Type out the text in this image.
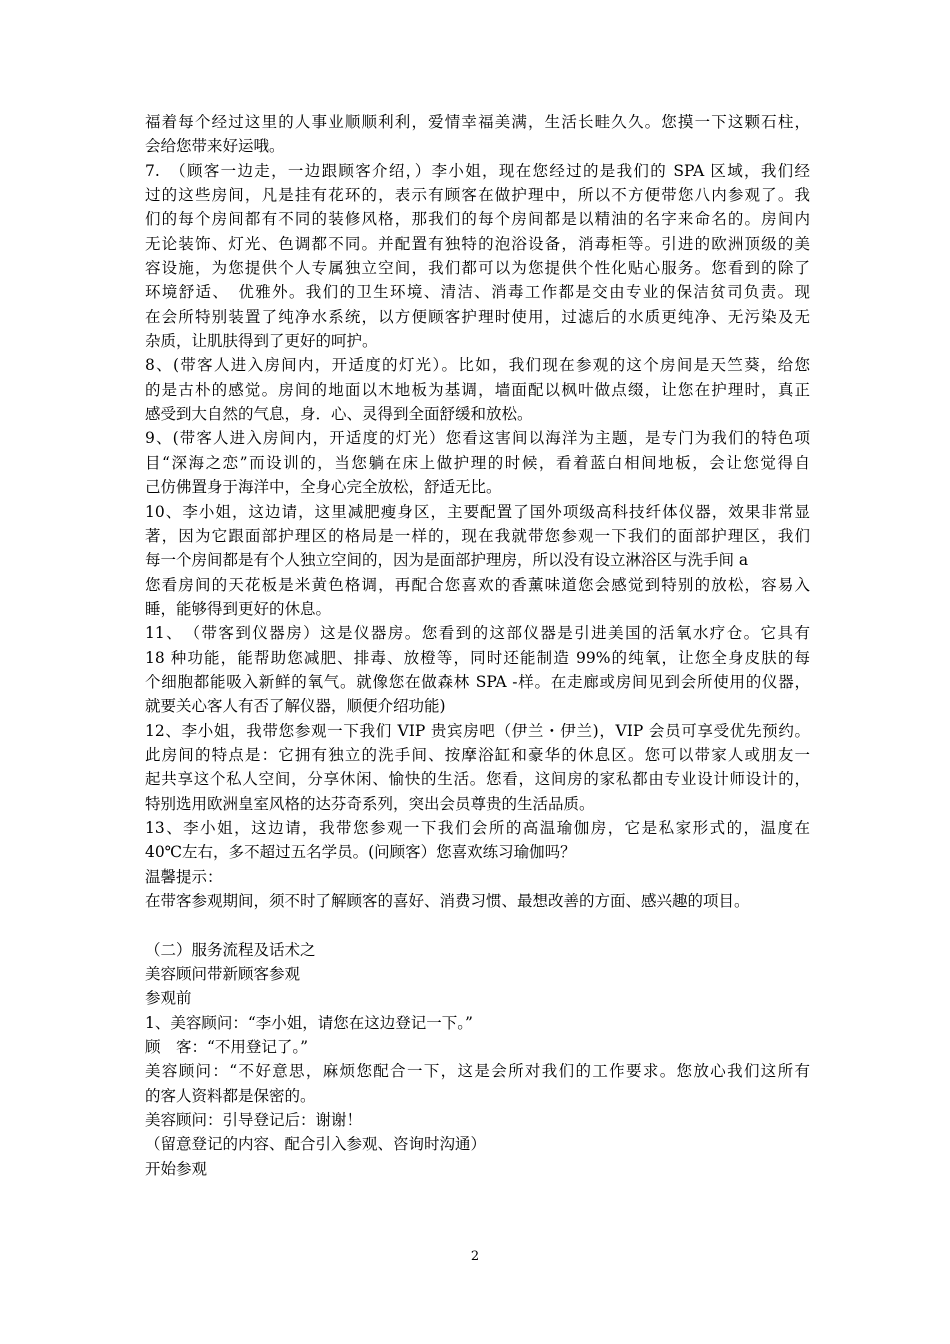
福着每个经过这里的人事业顺顺利利，爱情幸福美满，生活长畦久久。您摸一下这颗石柱，
会给您带来好运哦。
7.　（顾客一边走，一边跟顾客介绍，）李小姐，现在您经过的是我们的 SPA 区域，我们经
过的这些房间，凡是挂有花环的，表示有顾客在做护理中，所以不方便带您八内参观了。我
们的每个房间都有不同的装修风格，那我们的每个房间都是以精油的名字来命名的。房间内
无论装饰、灯光、色调都不同。并配置有独特的泡浴设备，消毒柜等。引进的欧洲顶级的美
容设施，为您提供个人专属独立空间，我们都可以为您提供个性化贴心服务。您看到的除了
环境舒适、　优雅外。我们的卫生环境、清洁、消毒工作都是交由专业的保洁贫司负责。现
在会所特别装置了纯净水系统，以方便顾客护理时使用，过滤后的水质更纯净、无污染及无
杂质，让肌肤得到了更好的呵护。
8、(带客人进入房间内，开适度的灯光）。比如，我们现在参观的这个房间是天竺葵，给您
的是古朴的感觉。房间的地面以木地板为基调，墙面配以枫叶做点缀，让您在护理时，真正
感受到大自然的气息，身．心、灵得到全面舒缓和放松。
9、(带客人进入房间内，开适度的灯光）您看这害间以海洋为主题，是专门为我们的特色项
目“深海之恋”而设训的，当您躺在床上做护理的时候，看着蓝白相间地板，会让您觉得自
己仿佛置身于海洋中，全身心完全放松，舒适无比。
10、李小姐，这边请，这里减肥瘦身区，主要配置了国外项级高科技纤体仪器，效果非常显
著，因为它跟面部护理区的格局是一样的，现在我就带您参观一下我们的面部护理区，我们
每一个房间都是有个人独立空间的，因为是面部护理房，所以没有设立淋浴区与洗手间 a
您看房间的天花板是米黄色格调，再配合您喜欢的香薰味道您会感觉到特别的放松，容易入
睡，能够得到更好的休息。
11、　（带客到仪器房）这是仪器房。您看到的这部仪器是引进美国的活氧水疗仓。它具有
18 种功能，能帮助您减肥、排毒、放橙等，同时还能制造 99%的纯氧，让您全身皮肤的每
个细胞都能吸入新鲜的氧气。就像您在做森林 SPA -样。在走廊或房间见到会所使用的仪器，
就要关心客人有否了解仪器，顺便介绍功能)
12、李小姐，我带您参观一下我们 VIP 贵宾房吧（伊兰・伊兰)，VIP 会员可享受优先预约。
此房间的特点是：它拥有独立的洗手间、按摩浴缸和豪华的休息区。您可以带家人或朋友一
起共享这个私人空间，分享休闲、愉快的生活。您看，这间房的家私都由专业设计师设计的，
特别选用欧洲皇室风格的达芬奇系列，突出会员尊贵的生活品质。
13、李小姐，这边请，我带您参观一下我们会所的高温瑜伽房，它是私家形式的，温度在
40℃左右，多不超过五名学员。(问顾客）您喜欢练习瑜伽吗？
温馨提示：
在带客参观期间，须不时了解顾客的喜好、消费习惯、最想改善的方面、感兴趣的项目。
（二）服务流程及话术之
美容顾问带新顾客参观
参观前
1、美容顾问：“李小姐，请您在这边登记一下。”
顾　客：“不用登记了。”
美容顾问：“不好意思，麻烦您配合一下，这是会所对我们的工作要求。您放心我们这所有
的客人资料都是保密的。
美容顾问：引导登记后：谢谢！
（留意登记的内容、配合引入参观、咨询时沟通）
开始参观
2
